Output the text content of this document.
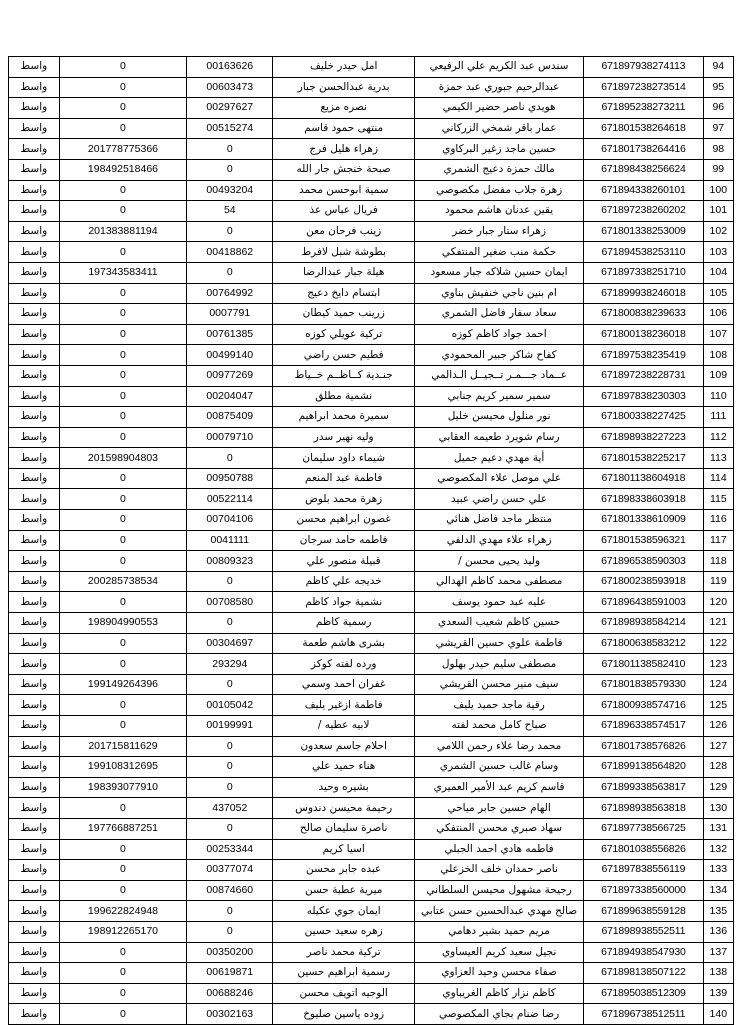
94	671897938274113	سندس عبد الكريم علي الرفيعي	امل حيدر خليف	00163626	0	واسط
95	671897238273514	عبدالرحيم جبوري عبد حمزة	بدرية عبدالحسن جبار	00603473	0	واسط
96	671895238273211	هويدي ناصر حضير الكيمي	نصره مزيع	00297627	0	واسط
97	671801538264618	عمار باقر شمخي الزركاني	منتهى حمود قاسم	00515274	0	واسط
98	671801738264416	حسين ماجد زغير البركاوي	زهراء هليل فرج	0	201778775366	واسط
99	671898438256624	مالك حمزة دعيج الشمري	صبحة خنجش جار الله	0	198492518466	واسط
100	671894338260101	زهرة جلاب مفضل مكصوصي	سمية ابوحسن محمد	00493204	0	واسط
101	671897238260202	يقين عدنان هاشم محمود	فريال عباس عذ	54	0	واسط
102	671801338253009	زهراء ستار جبار خضر	زينب فرحان معن	0	201383881194	واسط
103	671894538253110	حكمة منب ضغير المنتفكي	بطوشة شبل لافرط	00418862	0	واسط
104	671897338251710	ايمان حسين شلاكه جبار مسعود	هيلة جبار عبدالرضا	0	197343583411	واسط
105	671899938246018	ام بنين ناجي خنفيش بناوي	ابتسام دايخ دعيج	00764992	0	واسط
106	671800838239633	سعاد سفار فاضل الشمري	زرينب حميد كيطان	0007791	0	واسط
107	671800138236018	احمد جواد كاظم كوزه	تركية عويلي كوزه	00761385	0	واسط
108	671897538235419	كفاح شاكر جبير المحمودي	فطيم حسن راضي	00499140	0	واسط
109	671897238228731	عــماد جـــمـر تــجيــل الـدالمي	جنـدية كــاظــم خــياط	00977269	0	واسط
110	671897838230303	سمير سمير كريم جنابي	نشمية مطلق	00204047	0	واسط
111	671800338227425	نور منلول محيسن خليل	سميرة محمد ابراهيم	00875409	0	واسط
112	671898938227223	رسام شويرد طعيمه العقابي	وليه نهير سدر	00079710	0	واسط
113	671801538225217	أية مهدي دعيم جميل	شيماء داود سليمان	0	201598904803	واسط
114	671801138604918	علي موصل علاء المكصوصي	فاطمة عبد المنعم	00950788	0	واسط
115	671898338603918	علي حسن راضي عبيد	زهرة محمد بلوض	00522114	0	واسط
116	671801338610909	منتظر ماجد فاضل هنائي	غصون ابراهيم محسن	00704106	0	واسط
117	671801538596321	زهراء علاء مهدي الدلفي	فاطمه حامد سرجان	0041111	0	واسط
118	671896538590303	وليد يحيى محسن /	قبيلة منصور علي	00809323	0	واسط
119	671800238593918	مصطفى محمد كاظم الهدالي	خديجه علي كاظم	0	200285738534	واسط
120	671896438591003	عليه عبد حمود يوسف	نشمية جواد كاظم	00708580	0	واسط
121	671898938584214	حسين كاظم شعيب السعدي	رسمية كاظم	0	198904990553	واسط
122	671800638583212	فاطمة علوي حسين القريشي	بشرى هاشم طعمة	00304697	0	واسط
123	671801138582410	مصطفى سليم حيدر بهلول	ورده لفته كوكز	293294	0	واسط
124	671801838579330	سيف منير محسن القريشي	غفران احمد وسمي	0	199149264396	واسط
125	671800938574716	رقية ماجد حميد يليف	فاطمة ازغير يليف	00105042	0	واسط
126	671896338574517	صباح كامل محمد لفته	لابيه عطيه /	00199991	0	واسط
127	671801738576826	محمد رضا علاء رحمن اللامي	احلام جاسم سعدون	0	201715811629	واسط
128	671899138564820	وسام غالب حسين الشمري	هناء حميد علي	0	199108312695	واسط
129	671899338563817	قاسم كريم عبد الأمير العميري	بشيره وحيد	0	198393077910	واسط
130	671898938563818	الهام حسين جابر مياحي	رحيمة محيسن دندوس	437052	0	واسط
131	671897738566725	سهاد صبري محسن المنتفكي	ناصرة سليمان صالح	0	197766887251	واسط
132	671801038556826	فاطمه هادي احمد الجبلي	اسيا كريم	00253344	0	واسط
133	671897838556119	ناصر حمدان خلف الخزعلي	عبده جابر محسن	00377074	0	واسط
134	671897338560000	رجيحة مشهول محيسن السلطاني	ميرية عطية حسن	00874660	0	واسط
135	671899638559128	صالح مهدي عبدالحسين حسن عتابي	ايمان جوي عكيله	0	199622824948	واسط
136	671898938552511	مريم حميد بشير دهامي	زهره سعيد حسين	0	198912265170	واسط
137	671894938547930	نجيل سعيد كريم العيساوي	تركية محمد ناصر	00350200	0	واسط
138	671898138507122	صفاء محسن وحيد العزاوي	رسمية ابراهيم حسين	00619871	0	واسط
139	671895038512309	كاظم نزار كاظم الغريباوي	الوجيه اتويف محسن	00688246	0	واسط
140	671896738512511	رضا ضنام بجاي المكصوصي	زوده ياسين صليوخ	00302163	0	واسط
